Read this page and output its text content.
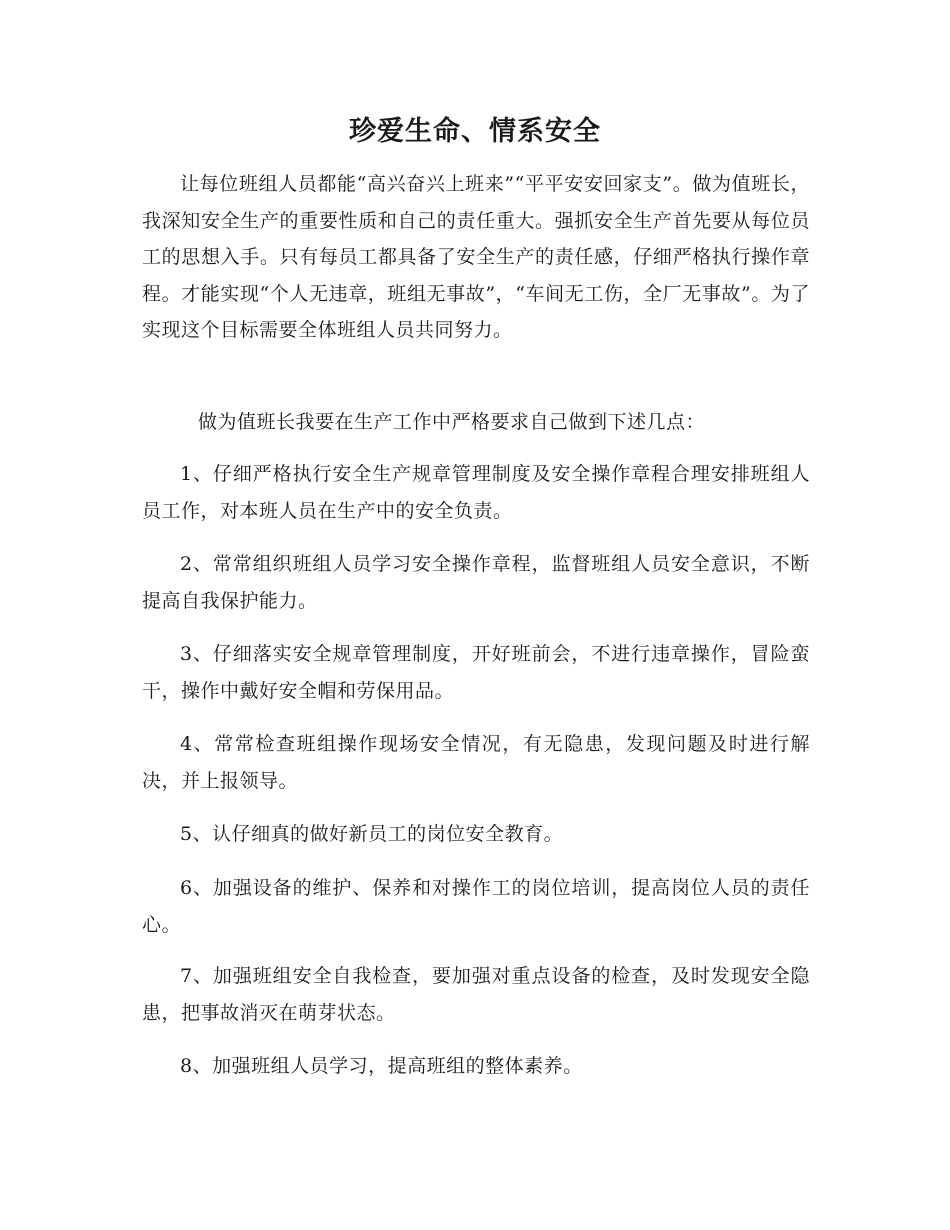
珍爱生命、情系安全

让每位班组人员都能“高兴奋兴上班来”“平平安安回家支”。做为值班长，我深知安全生产的重要性质和自己的责任重大。强抓安全生产首先要从每位员工的思想入手。只有每员工都具备了安全生产的责任感，仔细严格执行操作章程。才能实现“个人无违章，班组无事故”，“车间无工伤，全厂无事故”。为了实现这个目标需要全体班组人员共同努力。

做为值班长我要在生产工作中严格要求自己做到下述几点：

1、仔细严格执行安全生产规章管理制度及安全操作章程合理安排班组人员工作，对本班人员在生产中的安全负责。

2、常常组织班组人员学习安全操作章程，监督班组人员安全意识，不断提高自我保护能力。

3、仔细落实安全规章管理制度，开好班前会，不进行违章操作，冒险蛮干，操作中戴好安全帽和劳保用品。

4、常常检查班组操作现场安全情况，有无隐患，发现问题及时进行解决，并上报领导。

5、认仔细真的做好新员工的岗位安全教育。

6、加强设备的维护、保养和对操作工的岗位培训，提高岗位人员的责任心。

7、加强班组安全自我检查，要加强对重点设备的检查，及时发现安全隐患，把事故消灭在萌芽状态。

8、加强班组人员学习，提高班组的整体素养。
